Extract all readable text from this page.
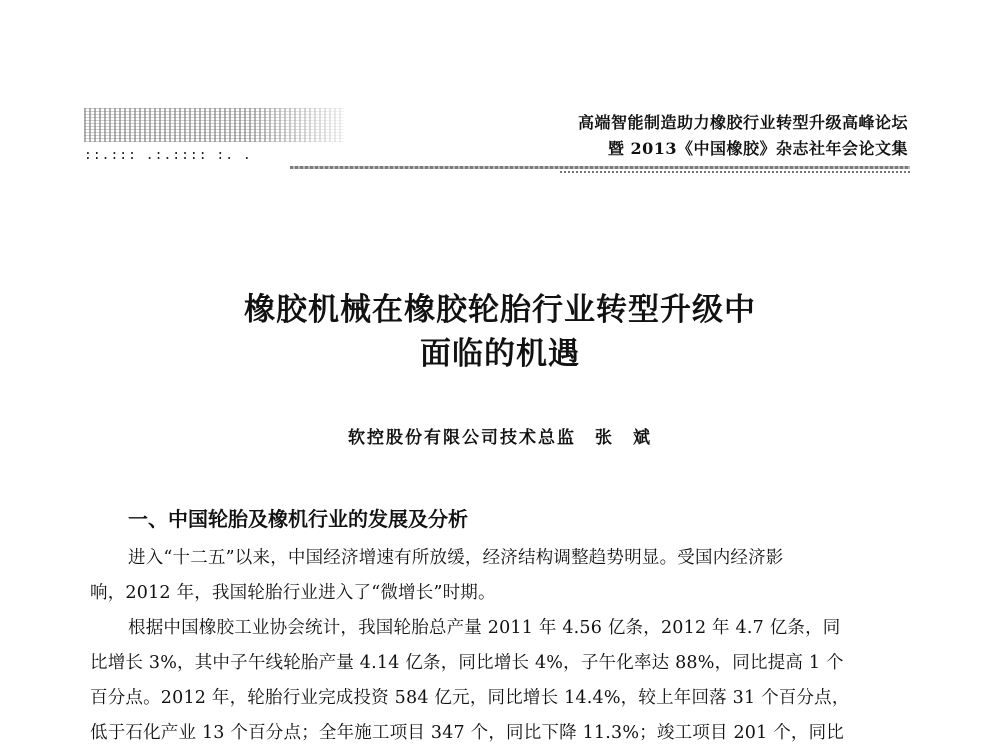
::.::: .:.:::: :. .
高端智能制造助力橡胶行业转型升级高峰论坛
暨 2013《中国橡胶》杂志社年会论文集
橡胶机械在橡胶轮胎行业转型升级中
面临的机遇
软控股份有限公司技术总监　张　斌
一、中国轮胎及橡机行业的发展及分析
进入“十二五”以来，中国经济增速有所放缓，经济结构调整趋势明显。受国内经济影
响，2012 年，我国轮胎行业进入了“微增长”时期。
根据中国橡胶工业协会统计，我国轮胎总产量 2011 年 4.56 亿条，2012 年 4.7 亿条，同
比增长 3%，其中子午线轮胎产量 4.14 亿条，同比增长 4%，子午化率达 88%，同比提高 1 个
百分点。2012 年，轮胎行业完成投资 584 亿元，同比增长 14.4%，较上年回落 31 个百分点，
低于石化产业 13 个百分点；全年施工项目 347 个，同比下降 11.3%；竣工项目 201 个，同比
